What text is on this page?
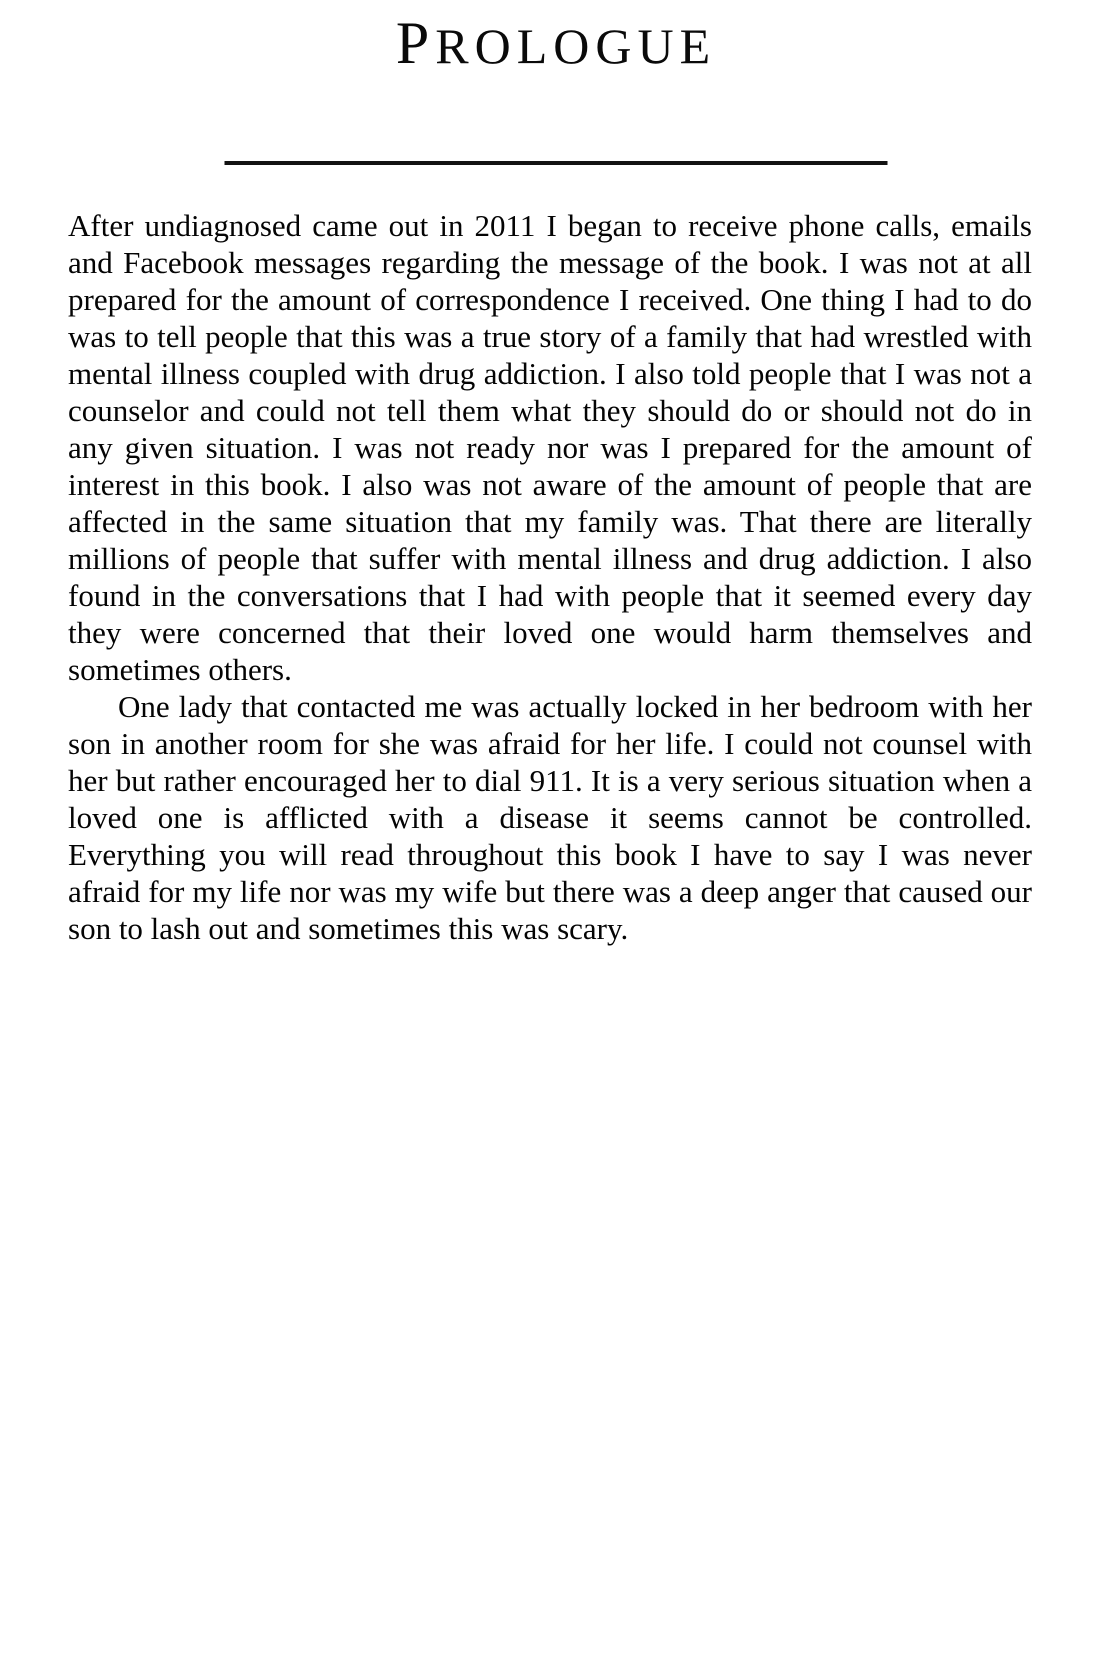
PROLOGUE

After undiagnosed came out in 2011 I began to receive phone calls, emails and Facebook messages regarding the message of the book. I was not at all prepared for the amount of correspondence I received. One thing I had to do was to tell people that this was a true story of a family that had wrestled with mental illness coupled with drug addiction. I also told people that I was not a counselor and could not tell them what they should do or should not do in any given situation. I was not ready nor was I prepared for the amount of interest in this book. I also was not aware of the amount of people that are affected in the same situation that my family was. That there are literally millions of people that suffer with mental illness and drug addiction. I also found in the conversations that I had with people that it seemed every day they were concerned that their loved one would harm themselves and sometimes others.

One lady that contacted me was actually locked in her bedroom with her son in another room for she was afraid for her life. I could not counsel with her but rather encouraged her to dial 911. It is a very serious situation when a loved one is afflicted with a disease it seems cannot be controlled. Everything you will read throughout this book I have to say I was never afraid for my life nor was my wife but there was a deep anger that caused our son to lash out and sometimes this was scary.
